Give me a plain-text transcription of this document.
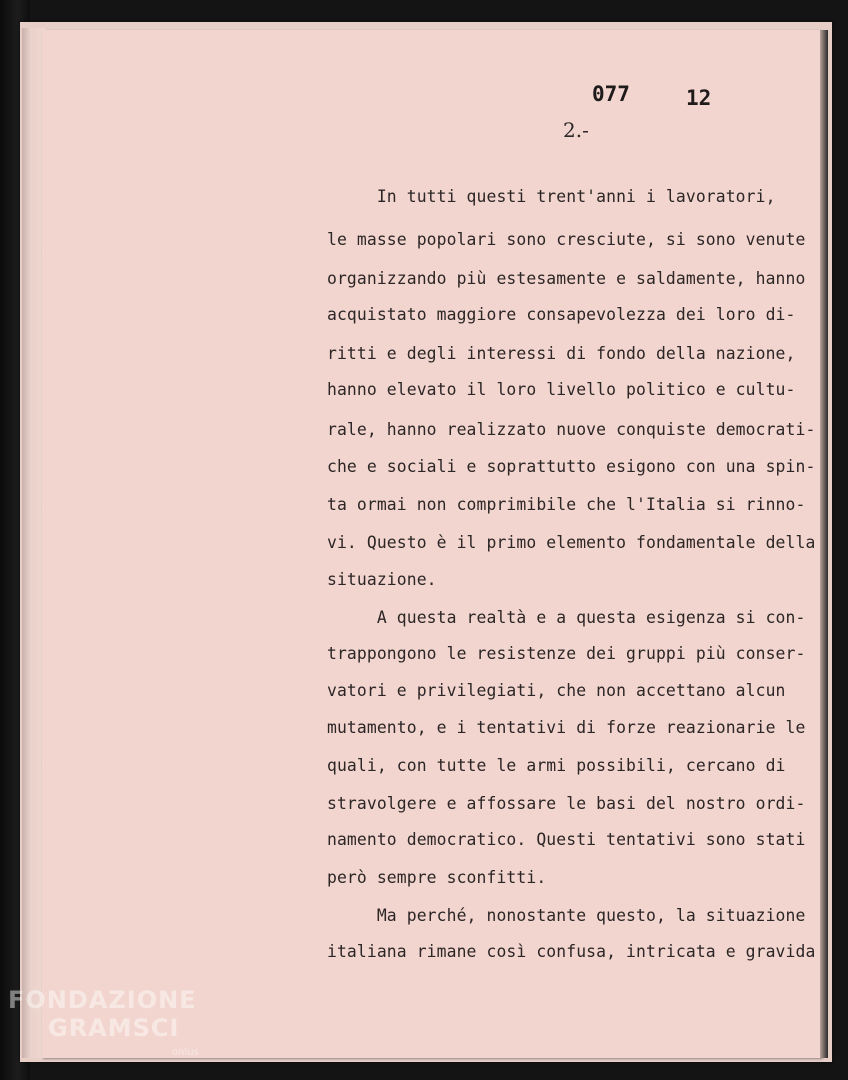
077	12
2.-
In tutti questi trent'anni i lavoratori,
le masse popolari sono cresciute, si sono venute
organizzando più estesamente e saldamente, hanno
acquistato maggiore consapevolezza dei loro di-
ritti e degli interessi di fondo della nazione,
hanno elevato il loro livello politico e cultu-
rale, hanno realizzato nuove conquiste democrati-
che e sociali e soprattutto esigono con una spin-
ta ormai non comprimibile che l'Italia si rinno-
vi. Questo è il primo elemento fondamentale della
situazione.
A questa realtà e a questa esigenza si con-
trappongono le resistenze dei gruppi più conser-
vatori e privilegiati, che non accettano alcun
mutamento, e i tentativi di forze reazionarie le
quali, con tutte le armi possibili, cercano di
stravolgere e affossare le basi del nostro ordi-
namento democratico. Questi tentativi sono stati
però sempre sconfitti.
Ma perché, nonostante questo, la situazione
italiana rimane così confusa, intricata e gravida
FONDAZIONE
GRAMSCI
onlus
